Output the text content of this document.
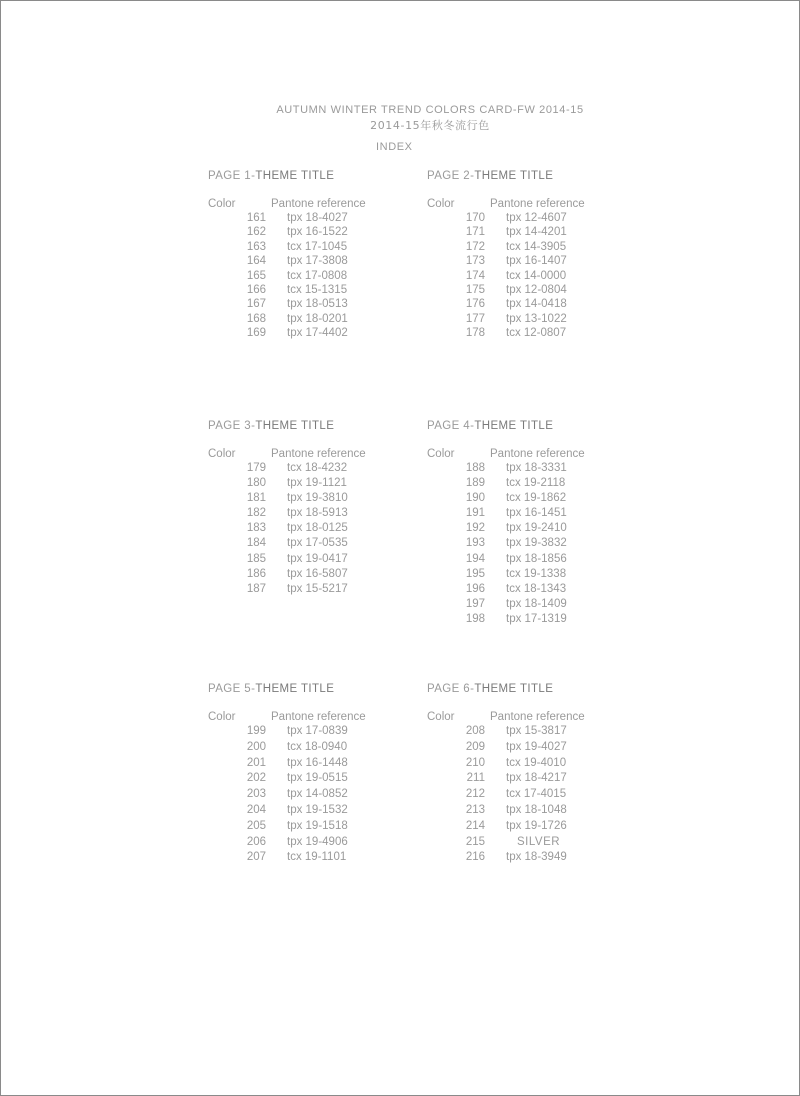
AUTUMN WINTER TREND COLORS CARD-FW 2014-15
2014-15年秋冬流行色
INDEX
PAGE 1-THEME TITLE
Color	Pantone reference
161 tpx 18-4027
162 tpx 16-1522
163 tcx 17-1045
164 tpx 17-3808
165 tcx 17-0808
166 tcx 15-1315
167 tpx 18-0513
168 tpx 18-0201
169 tpx 17-4402
PAGE 2-THEME TITLE
Color	Pantone reference
170 tpx 12-4607
171 tpx 14-4201
172 tcx 14-3905
173 tpx 16-1407
174 tcx 14-0000
175 tpx 12-0804
176 tpx 14-0418
177 tpx 13-1022
178 tcx 12-0807
PAGE 3-THEME TITLE
Color	Pantone reference
179 tcx 18-4232
180 tpx 19-1121
181 tpx 19-3810
182 tpx 18-5913
183 tpx 18-0125
184 tpx 17-0535
185 tpx 19-0417
186 tpx 16-5807
187 tpx 15-5217
PAGE 4-THEME TITLE
Color	Pantone reference
188 tpx 18-3331
189 tcx 19-2118
190 tcx 19-1862
191 tpx 16-1451
192 tpx 19-2410
193 tpx 19-3832
194 tpx 18-1856
195 tcx 19-1338
196 tcx 18-1343
197 tpx 18-1409
198 tpx 17-1319
PAGE 5-THEME TITLE
Color	Pantone reference
199 tpx 17-0839
200 tcx 18-0940
201 tpx 16-1448
202 tpx 19-0515
203 tpx 14-0852
204 tpx 19-1532
205 tpx 19-1518
206 tpx 19-4906
207 tcx 19-1101
PAGE 6-THEME TITLE
Color	Pantone reference
208 tpx 15-3817
209 tpx 19-4027
210 tcx 19-4010
211 tpx 18-4217
212 tcx 17-4015
213 tpx 18-1048
214 tpx 19-1726
215	SILVER
216 tpx 18-3949
